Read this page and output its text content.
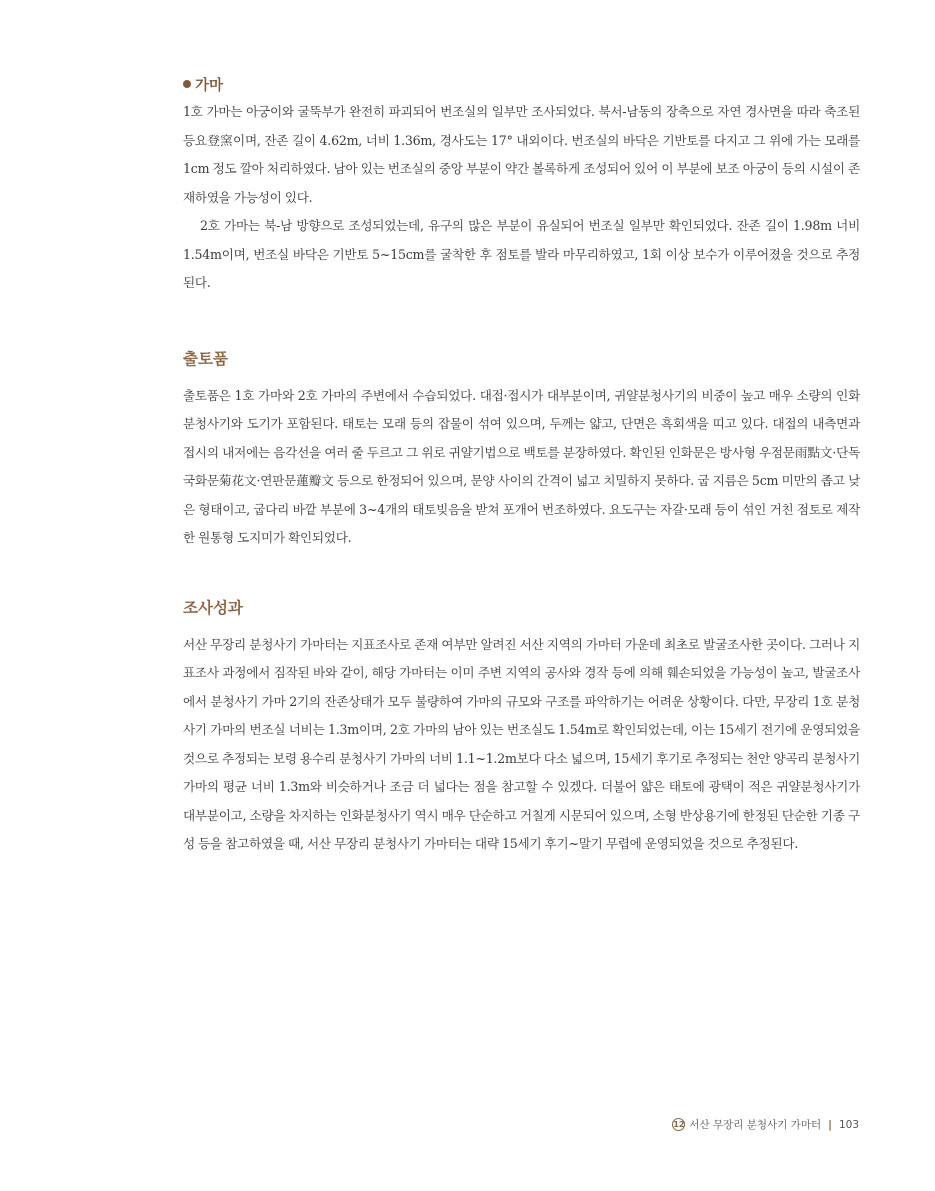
가마

1호 가마는 아궁이와 굴뚝부가 완전히 파괴되어 번조실의 일부만 조사되었다. 북서-남동의 장축으로 자연 경사면을 따라 축조된 등요登窯이며, 잔존 길이 4.62m, 너비 1.36m, 경사도는 17° 내외이다. 번조실의 바닥은 기반토를 다지고 그 위에 가는 모래를 1cm 정도 깔아 처리하였다. 남아 있는 번조실의 중앙 부분이 약간 볼록하게 조성되어 있어 이 부분에 보조 아궁이 등의 시설이 존재하였을 가능성이 있다.

2호 가마는 북-남 방향으로 조성되었는데, 유구의 많은 부분이 유실되어 번조실 일부만 확인되었다. 잔존 길이 1.98m 너비 1.54m이며, 번조실 바닥은 기반토 5~15cm를 굴착한 후 점토를 발라 마무리하였고, 1회 이상 보수가 이루어졌을 것으로 추정된다.

출토품

출토품은 1호 가마와 2호 가마의 주변에서 수습되었다. 대접·접시가 대부분이며, 귀얄분청사기의 비중이 높고 매우 소량의 인화분청사기와 도기가 포함된다. 태토는 모래 등의 잡물이 섞여 있으며, 두께는 얇고, 단면은 흑회색을 띠고 있다. 대접의 내측면과 접시의 내저에는 음각선을 여러 줄 두르고 그 위로 귀얄기법으로 백토를 분장하였다. 확인된 인화문은 방사형 우점문雨點文·단독 국화문菊花文·연판문蓮瓣文 등으로 한정되어 있으며, 문양 사이의 간격이 넓고 치밀하지 못하다. 굽 지름은 5cm 미만의 좁고 낮은 형태이고, 굽다리 바깥 부분에 3~4개의 태토빚음을 받쳐 포개어 번조하였다. 요도구는 자갈·모래 등이 섞인 거친 점토로 제작한 원통형 도지미가 확인되었다.

조사성과

서산 무장리 분청사기 가마터는 지표조사로 존재 여부만 알려진 서산 지역의 가마터 가운데 최초로 발굴조사한 곳이다. 그러나 지표조사 과정에서 짐작된 바와 같이, 해당 가마터는 이미 주변 지역의 공사와 경작 등에 의해 훼손되었을 가능성이 높고, 발굴조사에서 분청사기 가마 2기의 잔존상태가 모두 불량하여 가마의 규모와 구조를 파악하기는 어려운 상황이다. 다만, 무장리 1호 분청사기 가마의 번조실 너비는 1.3m이며, 2호 가마의 남아 있는 번조실도 1.54m로 확인되었는데, 이는 15세기 전기에 운영되었을 것으로 추정되는 보령 용수리 분청사기 가마의 너비 1.1~1.2m보다 다소 넓으며, 15세기 후기로 추정되는 천안 양곡리 분청사기 가마의 평균 너비 1.3m와 비슷하거나 조금 더 넓다는 점을 참고할 수 있겠다. 더불어 얇은 태토에 광택이 적은 귀얄분청사기가 대부분이고, 소량을 차지하는 인화분청사기 역시 매우 단순하고 거칠게 시문되어 있으며, 소형 반상용기에 한정된 단순한 기종 구성 등을 참고하였을 때, 서산 무장리 분청사기 가마터는 대략 15세기 후기~말기 무렵에 운영되었을 것으로 추정된다.

12 서산 무장리 분청사기 가마터 | 103
